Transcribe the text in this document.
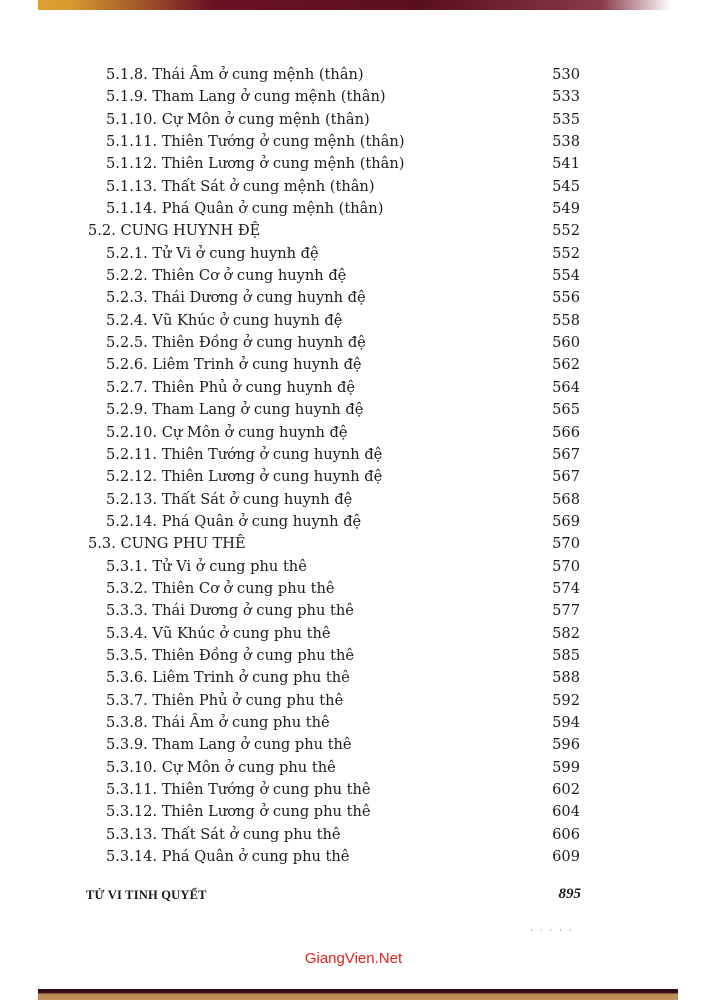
5.1.8. Thái Âm ở cung mệnh (thân)	530
5.1.9. Tham Lang ở cung mệnh (thân)	533
5.1.10. Cự Môn ở cung mệnh (thân)	535
5.1.11. Thiên Tướng ở cung mệnh (thân)	538
5.1.12. Thiên Lương ở cung mệnh (thân)	541
5.1.13. Thất Sát ở cung mệnh (thân)	545
5.1.14. Phá Quân ở cung mệnh (thân)	549
5.2. CUNG HUYNH ĐỆ	552
5.2.1. Tử Vi ở cung huynh đệ	552
5.2.2. Thiên Cơ ở cung huynh đệ	554
5.2.3. Thái Dương ở cung huynh đệ	556
5.2.4. Vũ Khúc ở cung huynh đệ	558
5.2.5. Thiên Đồng ở cung huynh đệ	560
5.2.6. Liêm Trinh ở cung huynh đệ	562
5.2.7. Thiên Phủ ở cung huynh đệ	564
5.2.9. Tham Lang ở cung huynh đệ	565
5.2.10. Cự Môn ở cung huynh đệ	566
5.2.11. Thiên Tướng ở cung huynh đệ	567
5.2.12. Thiên Lương ở cung huynh đệ	567
5.2.13. Thất Sát ở cung huynh đệ	568
5.2.14. Phá Quân ở cung huynh đệ	569
5.3. CUNG PHU THÊ	570
5.3.1. Tử Vi ở cung phu thê	570
5.3.2. Thiên Cơ ở cung phu thê	574
5.3.3. Thái Dương ở cung phu thê	577
5.3.4. Vũ Khúc ở cung phu thê	582
5.3.5. Thiên Đồng ở cung phu thê	585
5.3.6. Liêm Trinh ở cung phu thê	588
5.3.7. Thiên Phủ ở cung phu thê	592
5.3.8. Thái Âm ở cung phu thê	594
5.3.9. Tham Lang ở cung phu thê	596
5.3.10. Cự Môn ở cung phu thê	599
5.3.11. Thiên Tướng ở cung phu thê	602
5.3.12. Thiên Lương ở cung phu thê	604
5.3.13. Thất Sát ở cung phu thê	606
5.3.14. Phá Quân ở cung phu thê	609
TỬ VI TINH QUYẾT	895
· · · · ·
GiangVien.Net
